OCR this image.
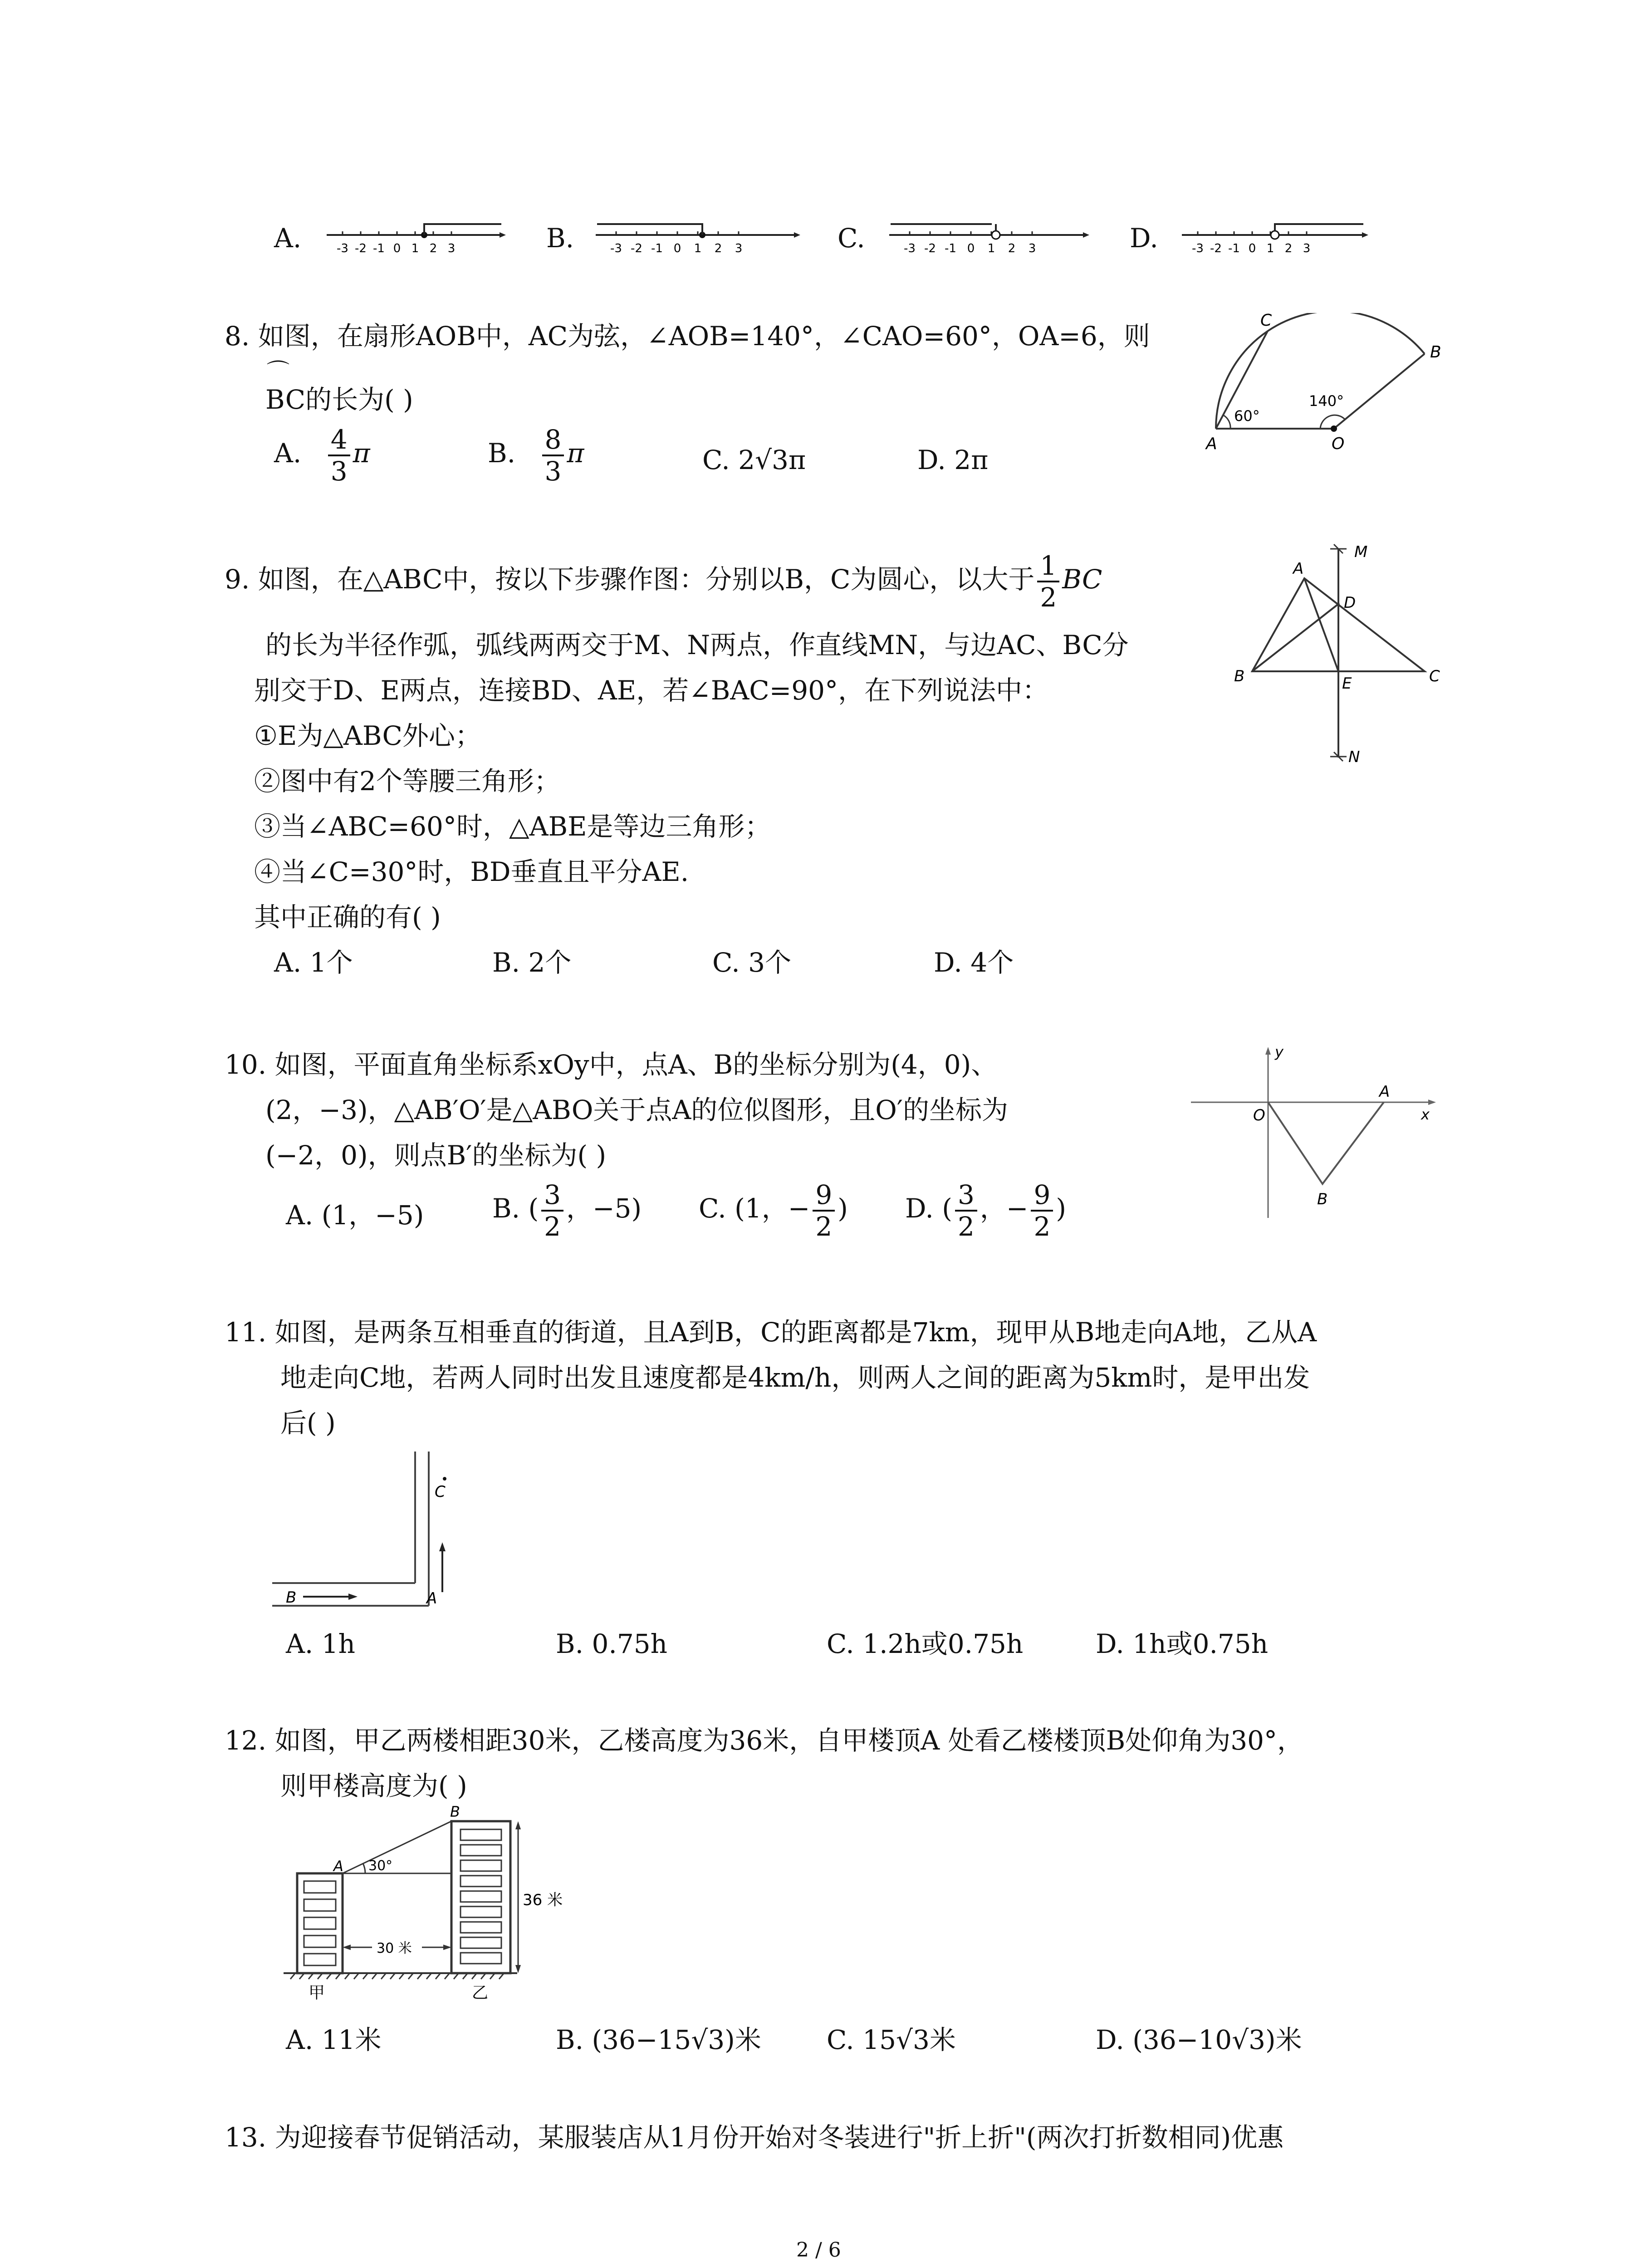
A.	B.	C.	D.
-3 -2 -1 0 1 2 3	-3 -2 -1 0 1 2 3	-3 -2 -1 0 1 2 3	-3 -2 -1 0 1 2 3
8. 如图，在扇形AOB中，AC为弦，∠AOB=140°，∠CAO=60°，OA=6，则
⌒
BC的长为( )
A. $\frac{4}{3}$ π	B. $\frac{8}{3}$ π	C. 2√3π	D. 2π
C
B
A	O
60°
140°
9. 如图，在△ABC中，按以下步骤作图：分别以B，C为圆心，以大于 $\frac{1}{2}$ BC
的长为半径作弧，弧线两两交于M、N两点，作直线MN，与边AC、BC分
别交于D、E两点，连接BD、AE，若∠BAC=90°，在下列说法中：
①E为△ABC外心；
②图中有2个等腰三角形；
③当∠ABC=60°时，△ABE是等边三角形；
④当∠C=30°时，BD垂直且平分AE.
其中正确的有( )
A. 1个	B. 2个	C. 3个	D. 4个
A
M
D
B	E	C
N
10. 如图，平面直角坐标系xOy中，点A、B的坐标分别为(4，0)、
(2，−3)，△AB′O′是△ABO关于点A的位似图形，且O′的坐标为
(−2，0)，则点B′的坐标为( )
A. (1，−5)	B. ( $\frac{3}{2}$ ，−5) C. (1，− $\frac{9}{2}$ ) D. ( $\frac{3}{2}$ ，− $\frac{9}{2}$ )
y
x
O
A
B
11. 如图，是两条互相垂直的街道，且A到B，C的距离都是7km，现甲从B地走向A地，乙从A
地走向C地，若两人同时出发且速度都是4km/h，则两人之间的距离为5km时，是甲出发
后( )
C
B	A
A. 1h	B. 0.75h	C. 1.2h或0.75h	D. 1h或0.75h
12. 如图，甲乙两楼相距30米，乙楼高度为36米，自甲楼顶A 处看乙楼楼顶B处仰角为30°，
则甲楼高度为( )
A
B
30°
36 米
30 米
甲	乙
A. 11米	B. (36−15√3)米 C. 15√3米	D. (36−10√3)米
13. 为迎接春节促销活动，某服装店从1月份开始对冬装进行"折上折"(两次打折数相同)优惠
2 / 6
